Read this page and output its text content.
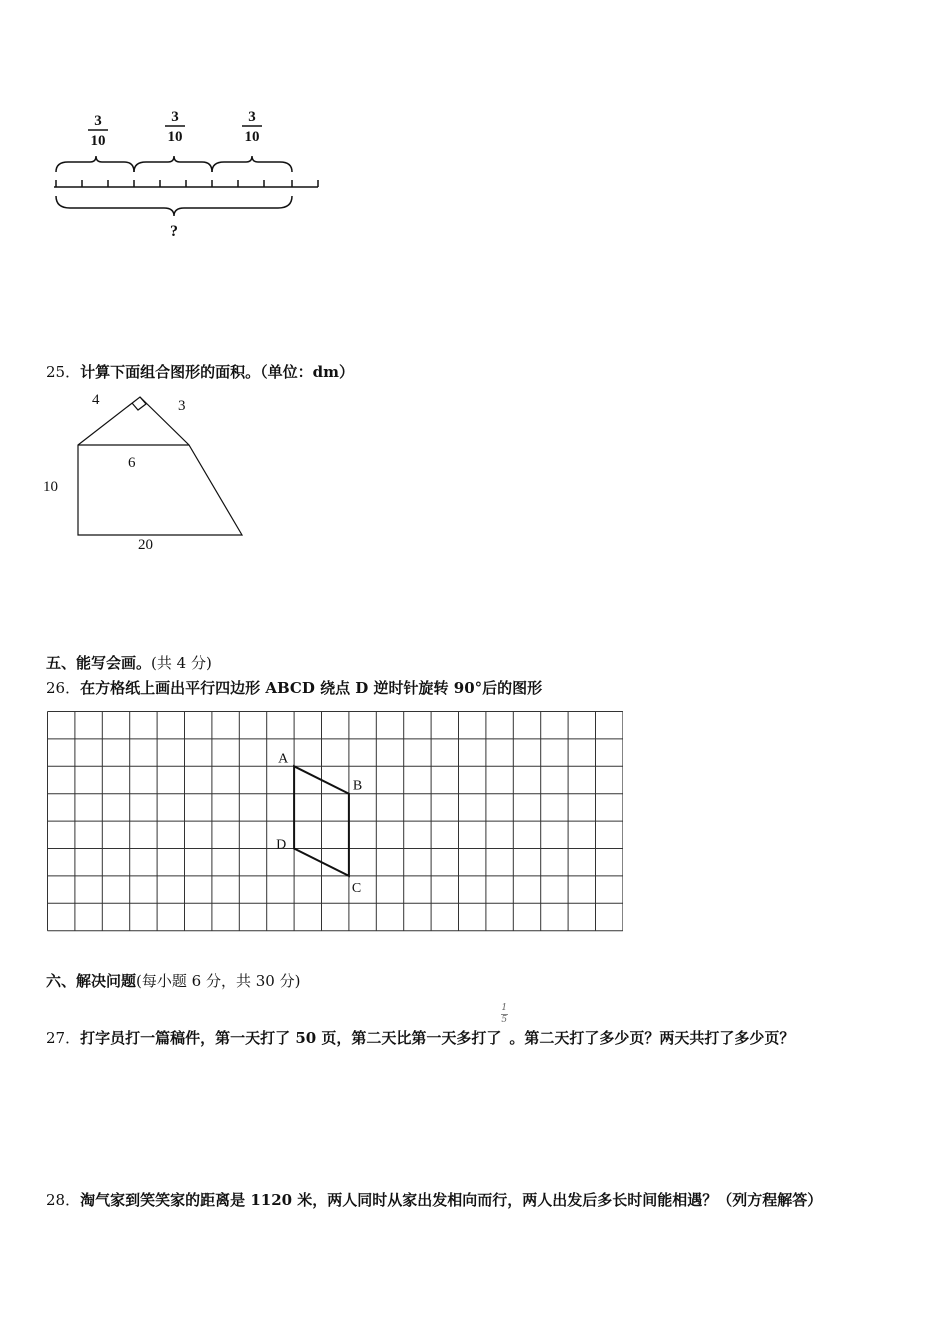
3
10
3
10
3
10
?
25．计算下面组合图形的面积。（单位：dm）
4	3
6
10
20
五、能写会画。(共 4 分)
26．在方格纸上画出平行四边形 ABCD 绕点 D 逆时针旋转 90°后的图形
A
B
C
D
六、解决问题(每小题 6 分，共 30 分)
27．打字员打一篇稿件，第一天打了 50 页，第二天比第一天多打了 $\frac{1}{5}$ 。第二天打了多少页？两天共打了多少页？
28．淘气家到笑笑家的距离是 1120 米，两人同时从家出发相向而行，两人出发后多长时间能相遇？（列方程解答）
